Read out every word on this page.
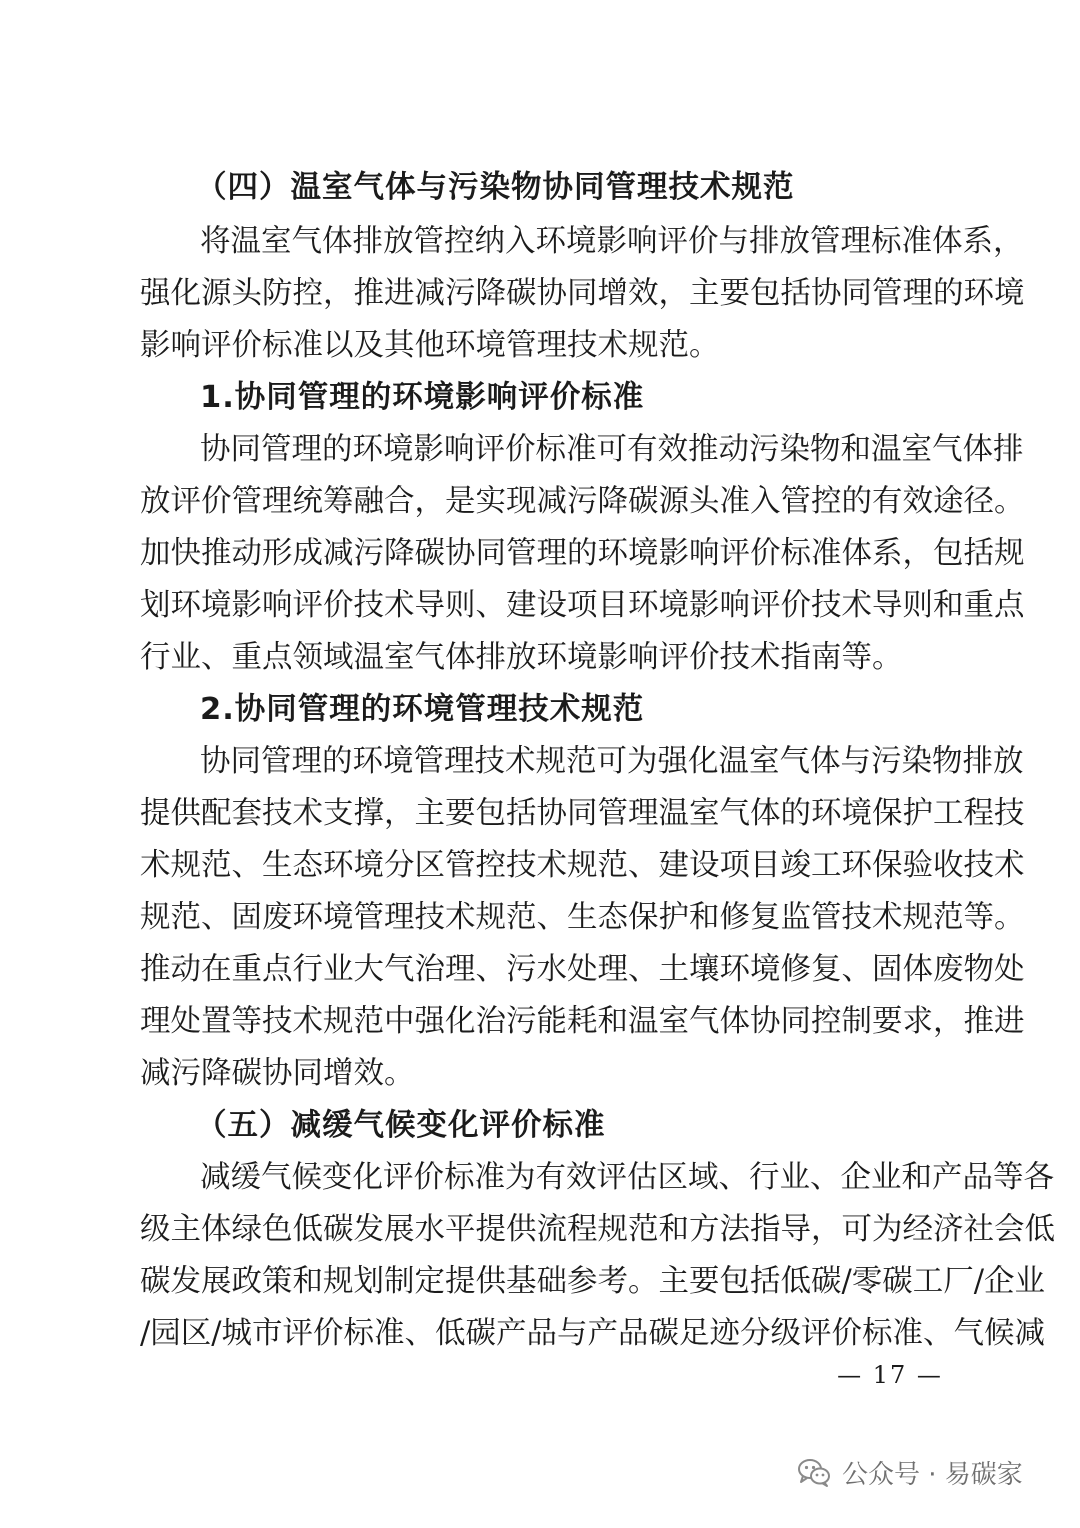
（四）温室气体与污染物协同管理技术规范
将温室气体排放管控纳入环境影响评价与排放管理标准体系，
强化源头防控，推进减污降碳协同增效，主要包括协同管理的环境
影响评价标准以及其他环境管理技术规范。
1.协同管理的环境影响评价标准
协同管理的环境影响评价标准可有效推动污染物和温室气体排
放评价管理统筹融合，是实现减污降碳源头准入管控的有效途径。
加快推动形成减污降碳协同管理的环境影响评价标准体系，包括规
划环境影响评价技术导则、建设项目环境影响评价技术导则和重点
行业、重点领域温室气体排放环境影响评价技术指南等。
2.协同管理的环境管理技术规范
协同管理的环境管理技术规范可为强化温室气体与污染物排放
提供配套技术支撑，主要包括协同管理温室气体的环境保护工程技
术规范、生态环境分区管控技术规范、建设项目竣工环保验收技术
规范、固废环境管理技术规范、生态保护和修复监管技术规范等。
推动在重点行业大气治理、污水处理、土壤环境修复、固体废物处
理处置等技术规范中强化治污能耗和温室气体协同控制要求，推进
减污降碳协同增效。
（五）减缓气候变化评价标准
减缓气候变化评价标准为有效评估区域、行业、企业和产品等各
级主体绿色低碳发展水平提供流程规范和方法指导，可为经济社会低
碳发展政策和规划制定提供基础参考。主要包括低碳/零碳工厂/企业
/园区/城市评价标准、低碳产品与产品碳足迹分级评价标准、气候减
— 17 —
公众号 · 易碳家
